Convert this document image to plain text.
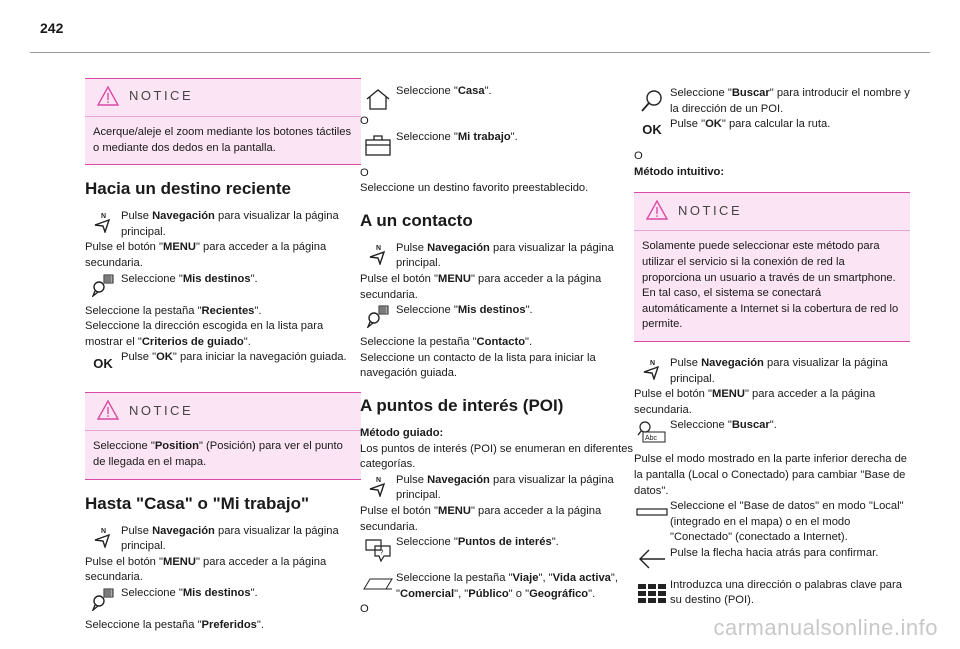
242
NOTICE

Acerque/aleje el zoom mediante los botones táctiles o mediante dos dedos en la pantalla.

Hacia un destino reciente
N Pulse Navegación para visualizar la página principal.

Pulse el botón "MENU" para acceder a la página secundaria.

Seleccione "Mis destinos".

Seleccione la pestaña "Recientes".

Seleccione la dirección escogida en la lista para mostrar el "Criterios de guiado".

OK Pulse "OK" para iniciar la navegación guiada.

NOTICE

Seleccione "Position" (Posición) para ver el punto de llegada en el mapa.

Hasta "Casa" o "Mi trabajo"
N Pulse Navegación para visualizar la página principal.

Pulse el botón "MENU" para acceder a la página secundaria.

Seleccione "Mis destinos".

Seleccione la pestaña "Preferidos".

Seleccione "Casa".

O

Seleccione "Mi trabajo".

O

Seleccione un destino favorito preestablecido.

A un contacto
N Pulse Navegación para visualizar la página principal.

Pulse el botón "MENU" para acceder a la página secundaria.

Seleccione "Mis destinos".

Seleccione la pestaña "Contacto".

Seleccione un contacto de la lista para iniciar la navegación guiada.

A puntos de interés (POI)

Método guiado:

Los puntos de interés (POI) se enumeran en diferentes categorías.

N Pulse Navegación para visualizar la página principal.

Pulse el botón "MENU" para acceder a la página secundaria.

?

Seleccione "Puntos de interés".

Seleccione la pestaña "Viaje", "Vida activa", "Comercial", "Público" o "Geográfico".

O

Seleccione "Buscar" para introducir el nombre y la dirección de un POI.

OK Pulse "OK" para calcular la ruta.

O

Método intuitivo:

NOTICE

Solamente puede seleccionar este método para utilizar el servicio si la conexión de red la proporciona un usuario a través de un smartphone.

En tal caso, el sistema se conectará automáticamente a Internet si la cobertura de red lo permite.

N Pulse Navegación para visualizar la página principal.

Pulse el botón "MENU" para acceder a la página secundaria.

Abc

Seleccione "Buscar".

Pulse el modo mostrado en la parte inferior derecha de la pantalla (Local o Conectado) para cambiar "Base de datos".

Seleccione el "Base de datos" en modo "Local" (integrado en el mapa) o en el modo "Conectado" (conectado a Internet).

Pulse la flecha hacia atrás para confirmar.

Introduzca una dirección o palabras clave para su destino (POI).

carmanualsonline.info
